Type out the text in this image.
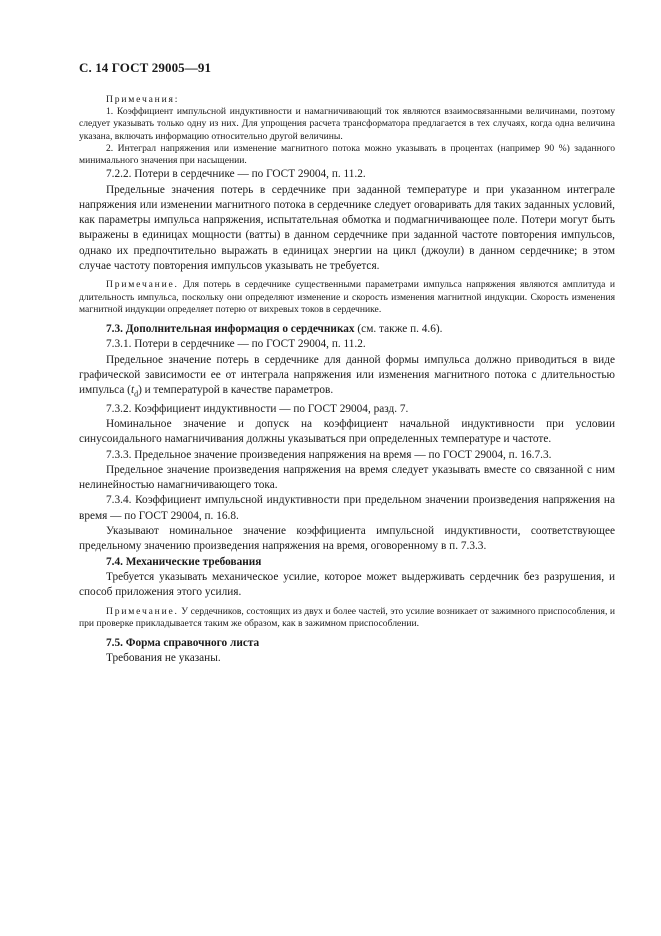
С. 14 ГОСТ 29005—91

Примечания:

1. Коэффициент импульсной индуктивности и намагничивающий ток являются взаимосвязанными величинами, поэтому следует указывать только одну из них. Для упрощения расчета трансформатора предлагается в тех случаях, когда одна величина указана, включать информацию относительно другой величины.

2. Интеграл напряжения или изменение магнитного потока можно указывать в процентах (например 90 %) заданного минимального значения при насыщении.

7.2.2. Потери в сердечнике — по ГОСТ 29004, п. 11.2.

Предельные значения потерь в сердечнике при заданной температуре и при указанном интеграле напряжения или изменении магнитного потока в сердечнике следует оговаривать для таких заданных условий, как параметры импульса напряжения, испытательная обмотка и подмагничивающее поле. Потери могут быть выражены в единицах мощности (ватты) в данном сердечнике при заданной частоте повторения импульсов, однако их предпочтительно выражать в единицах энергии на цикл (джоули) в данном сердечнике; в этом случае частоту повторения импульсов указывать не требуется.

Примечание. Для потерь в сердечнике существенными параметрами импульса напряжения являются амплитуда и длительность импульса, поскольку они определяют изменение и скорость изменения магнитной индукции. Скорость изменения магнитной индукции определяет потерю от вихревых токов в сердечнике.

7.3. Дополнительная информация о сердечниках (см. также п. 4.6).

7.3.1. Потери в сердечнике — по ГОСТ 29004, п. 11.2.

Предельное значение потерь в сердечнике для данной формы импульса должно приводиться в виде графической зависимости ее от интеграла напряжения или изменения магнитного потока с длительностью импульса $(t_d)$ и температурой в качестве параметров.

7.3.2. Коэффициент индуктивности — по ГОСТ 29004, разд. 7.

Номинальное значение и допуск на коэффициент начальной индуктивности при условии синусоидального намагничивания должны указываться при определенных температуре и частоте.

7.3.3. Предельное значение произведения напряжения на время — по ГОСТ 29004, п. 16.7.3.

Предельное значение произведения напряжения на время следует указывать вместе со связанной с ним нелинейностью намагничивающего тока.

7.3.4. Коэффициент импульсной индуктивности при предельном значении произведения напряжения на время — по ГОСТ 29004, п. 16.8.

Указывают номинальное значение коэффициента импульсной индуктивности, соответствующее предельному значению произведения напряжения на время, оговоренному в п. 7.3.3.

7.4. Механические требования

Требуется указывать механическое усилие, которое может выдерживать сердечник без разрушения, и способ приложения этого усилия.

Примечание. У сердечников, состоящих из двух и более частей, это усилие возникает от зажимного приспособления, и при проверке прикладывается таким же образом, как в зажимном приспособлении.

7.5. Форма справочного листа

Требования не указаны.
